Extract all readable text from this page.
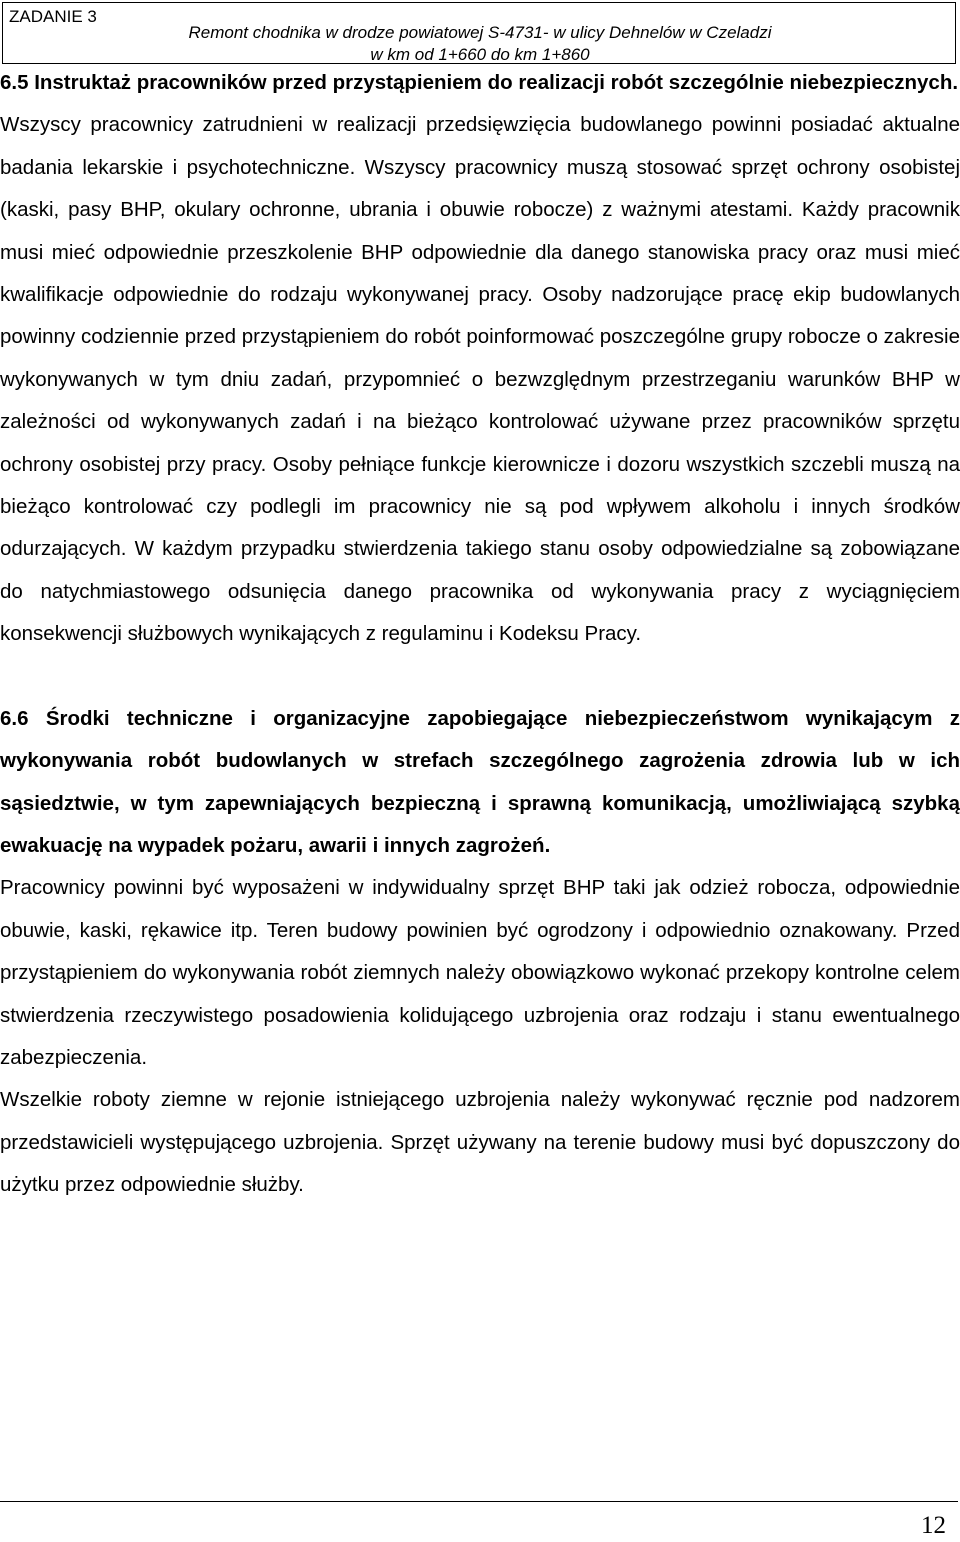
ZADANIE 3
Remont chodnika w drodze powiatowej S-4731- w ulicy Dehnelów w Czeladzi
w km od 1+660 do km 1+860

6.5 Instruktaż pracowników przed przystąpieniem do realizacji robót szczególnie niebezpiecznych.

Wszyscy pracownicy zatrudnieni w realizacji przedsięwzięcia budowlanego powinni posiadać aktualne badania lekarskie i psychotechniczne. Wszyscy pracownicy muszą stosować sprzęt ochrony osobistej (kaski, pasy BHP, okulary ochronne, ubrania i obuwie robocze) z ważnymi atestami. Każdy pracownik musi mieć odpowiednie przeszkolenie BHP odpowiednie dla danego stanowiska pracy oraz musi mieć kwalifikacje odpowiednie do rodzaju wykonywanej pracy. Osoby nadzorujące pracę ekip budowlanych powinny codziennie przed przystąpieniem do robót poinformować poszczególne grupy robocze o zakresie wykonywanych w tym dniu zadań, przypomnieć o bezwzględnym przestrzeganiu warunków BHP w zależności od wykonywanych zadań i na bieżąco kontrolować używane przez pracowników sprzętu ochrony osobistej przy pracy. Osoby pełniące funkcje kierownicze i dozoru wszystkich szczebli muszą na bieżąco kontrolować czy podlegli im pracownicy nie są pod wpływem alkoholu i innych środków odurzających. W każdym przypadku stwierdzenia takiego stanu osoby odpowiedzialne są zobowiązane do natychmiastowego odsunięcia danego pracownika od wykonywania pracy z wyciągnięciem konsekwencji służbowych wynikających z regulaminu i Kodeksu Pracy.

6.6 Środki techniczne i organizacyjne zapobiegające niebezpieczeństwom wynikającym z wykonywania robót budowlanych w strefach szczególnego zagrożenia zdrowia lub w ich sąsiedztwie, w tym zapewniających bezpieczną i sprawną komunikacją, umożliwiającą szybką ewakuację na wypadek pożaru, awarii i innych zagrożeń.

Pracownicy powinni być wyposażeni w indywidualny sprzęt BHP taki jak odzież robocza, odpowiednie obuwie, kaski, rękawice itp. Teren budowy powinien być ogrodzony i odpowiednio oznakowany. Przed przystąpieniem do wykonywania robót ziemnych należy obowiązkowo wykonać przekopy kontrolne celem stwierdzenia rzeczywistego posadowienia kolidującego uzbrojenia oraz rodzaju i stanu ewentualnego zabezpieczenia.

Wszelkie roboty ziemne w rejonie istniejącego uzbrojenia należy wykonywać ręcznie pod nadzorem przedstawicieli występującego uzbrojenia. Sprzęt używany na terenie budowy musi być dopuszczony do użytku przez odpowiednie służby.

12
